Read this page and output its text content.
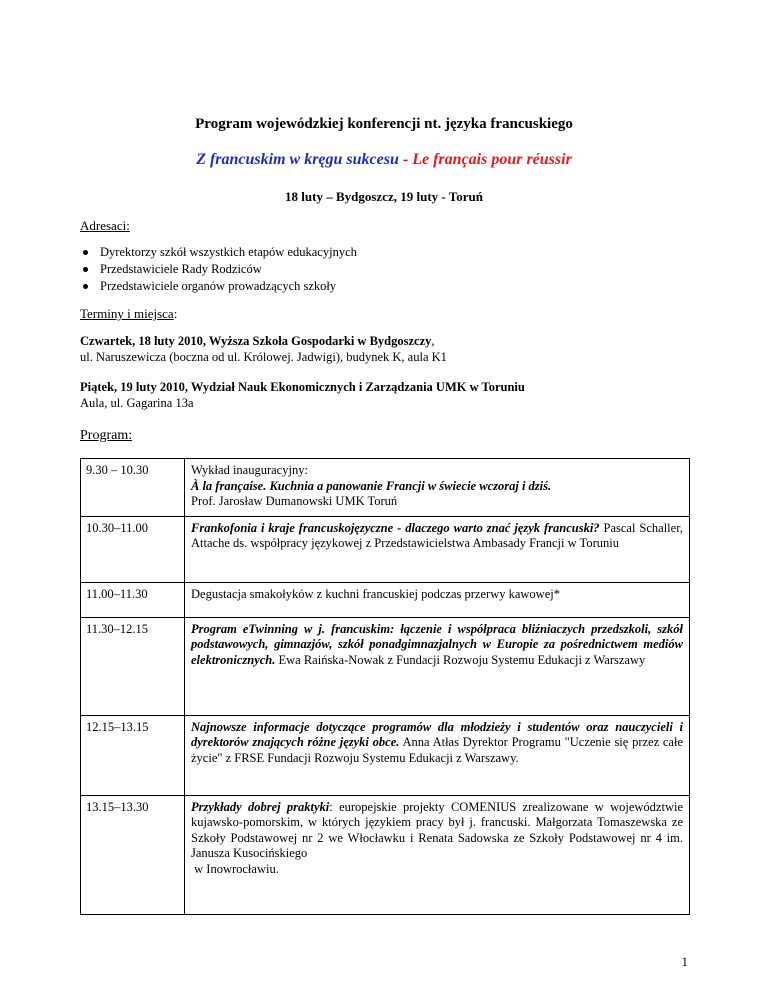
Program wojewódzkiej konferencji nt. języka francuskiego
Z francuskim w kręgu sukcesu - Le français pour réussir
18 luty – Bydgoszcz, 19 luty - Toruń
Adresaci:
Dyrektorzy szkół wszystkich etapów edukacyjnych
Przedstawiciele Rady Rodziców
Przedstawiciele organów prowadzących szkoły
Terminy i miejsca:
Czwartek, 18 luty 2010, Wyższa Szkoła Gospodarki w Bydgoszczy,
ul. Naruszewicza (boczna od ul. Królowej. Jadwigi), budynek K, aula K1
Piątek, 19 luty 2010, Wydział Nauk Ekonomicznych i Zarządzania UMK w Toruniu
Aula, ul. Gagarina 13a
Program:
9.30 – 10.30	Wykład inauguracyjny:
À la française. Kuchnia a panowanie Francji w świecie wczoraj i dziś.
Prof. Jarosław Dumanowski UMK Toruń
10.30–11.00	Frankofonia i kraje francuskojęzyczne - dlaczego warto znać język francuski? Pascal Schaller, Attache ds. współpracy językowej z Przedstawicielstwa Ambasady Francji w Toruniu
11.00–11.30	Degustacja smakołyków z kuchni francuskiej podczas przerwy kawowej*
11.30–12.15	Program eTwinning w j. francuskim: łączenie i współpraca bliźniaczych przedszkoli, szkół podstawowych, gimnazjów, szkół ponadgimnazjalnych w Europie za pośrednictwem mediów elektronicznych. Ewa Raińska-Nowak z Fundacji Rozwoju Systemu Edukacji z Warszawy
12.15–13.15	Najnowsze informacje dotyczące programów dla młodzieży i studentów oraz nauczycieli i dyrektorów znających różne języki obce. Anna Atłas Dyrektor Programu "Uczenie się przez całe życie" z FRSE Fundacji Rozwoju Systemu Edukacji z Warszawy.
13.15–13.30	Przykłady dobrej praktyki: europejskie projekty COMENIUS zrealizowane w województwie kujawsko-pomorskim, w których językiem pracy był j. francuski. Małgorzata Tomaszewska ze Szkoły Podstawowej nr 2 we Włocławku i Renata Sadowska ze Szkoły Podstawowej nr 4 im. Janusza Kusocińskiego
w Inowrocławiu.
1
